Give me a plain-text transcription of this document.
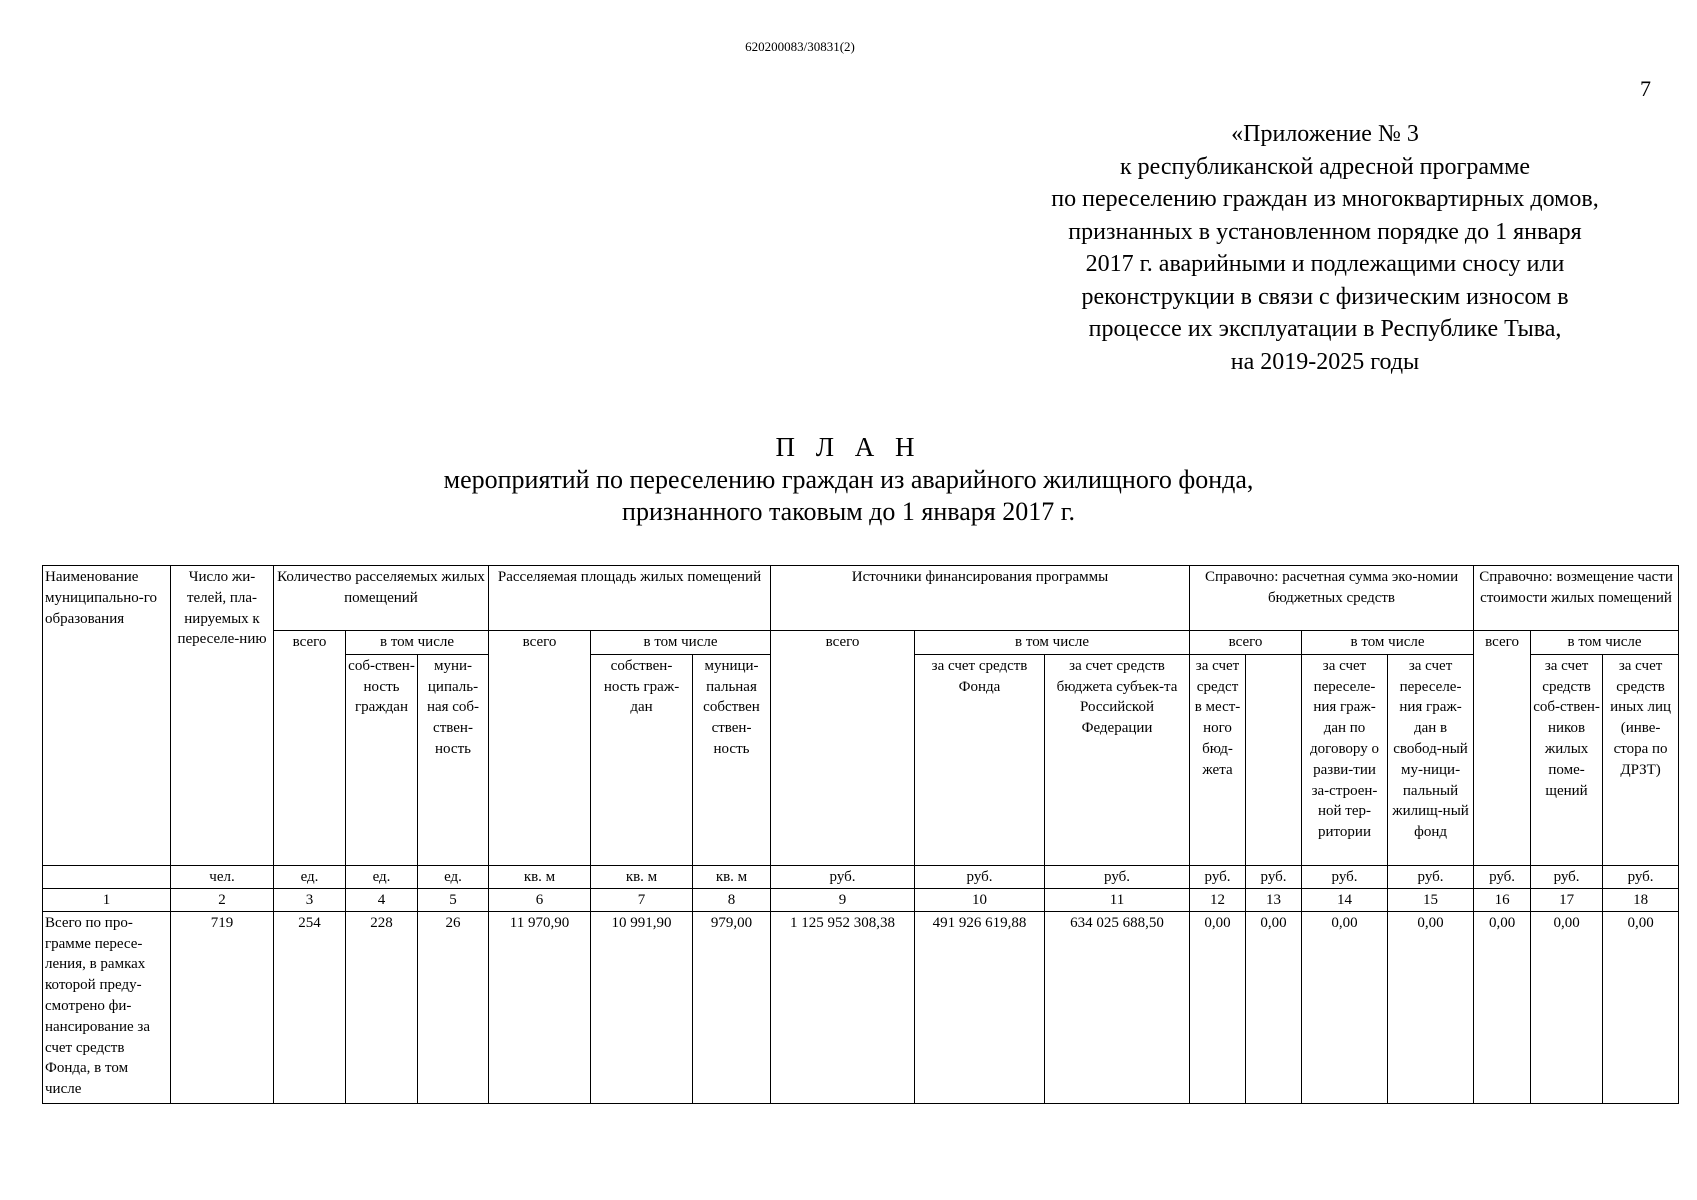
620200083/30831(2)
7
«Приложение № 3
к республиканской адресной программе
по переселению граждан из многоквартирных домов,
признанных в установленном порядке до 1 января
2017 г. аварийными и подлежащими сносу или
реконструкции в связи с физическим износом в
процессе их эксплуатации в Республике Тыва,
на 2019-2025 годы
П Л А Н
мероприятий по переселению граждан из аварийного жилищного фонда,
признанного таковым до 1 января 2017 г.
Наименование муниципально-го образования	Число жи-телей, пла-нируемых к переселе-нию	Количество расселяемых жилых помещений			Расселяемая площадь жилых помещений			Источники финансирования программы			Справочно: расчетная сумма эко-номии бюджетных средств				Справочно: возмещение части стоимости жилых помещений		
		всего	в том числе		всего	в том числе		всего	в том числе		всего		в том числе		всего	в том числе	
			соб-ствен-ность граждан	муни-ципаль-ная соб-ствен-ность		собствен-ность граж-дан	муници-пальная собствен ствен-ность		за счет средств Фонда	за счет средств бюджета субъек-та Российской Федерации	за счет средст в мест-ного бюд-жета		за счет переселе-ния граж-дан по договору о разви-тии за-строен-ной тер-ритории	за счет переселе-ния граж-дан в свобод-ный му-ници-пальный жилищ-ный фонд		за счет средств соб-ствен-ников жилых поме-щений	за счет средств иных лиц (инве-стора по ДРЗТ)
	чел.	ед.	ед.	ед.	кв. м	кв. м	кв. м	руб.	руб.	руб.	руб.	руб.	руб.	руб.	руб.	руб.	руб.
1	2	3	4	5	6	7	8	9	10	11	12	13	14	15	16	17	18
Всего по про-грамме пересе-ления, в рамках которой преду-смотрено фи-нансирование за счет средств Фонда, в том числе	719	254	228	26	11 970,90	10 991,90	979,00	1 125 952 308,38	491 926 619,88	634 025 688,50	0,00	0,00	0,00	0,00	0,00	0,00	0,00
